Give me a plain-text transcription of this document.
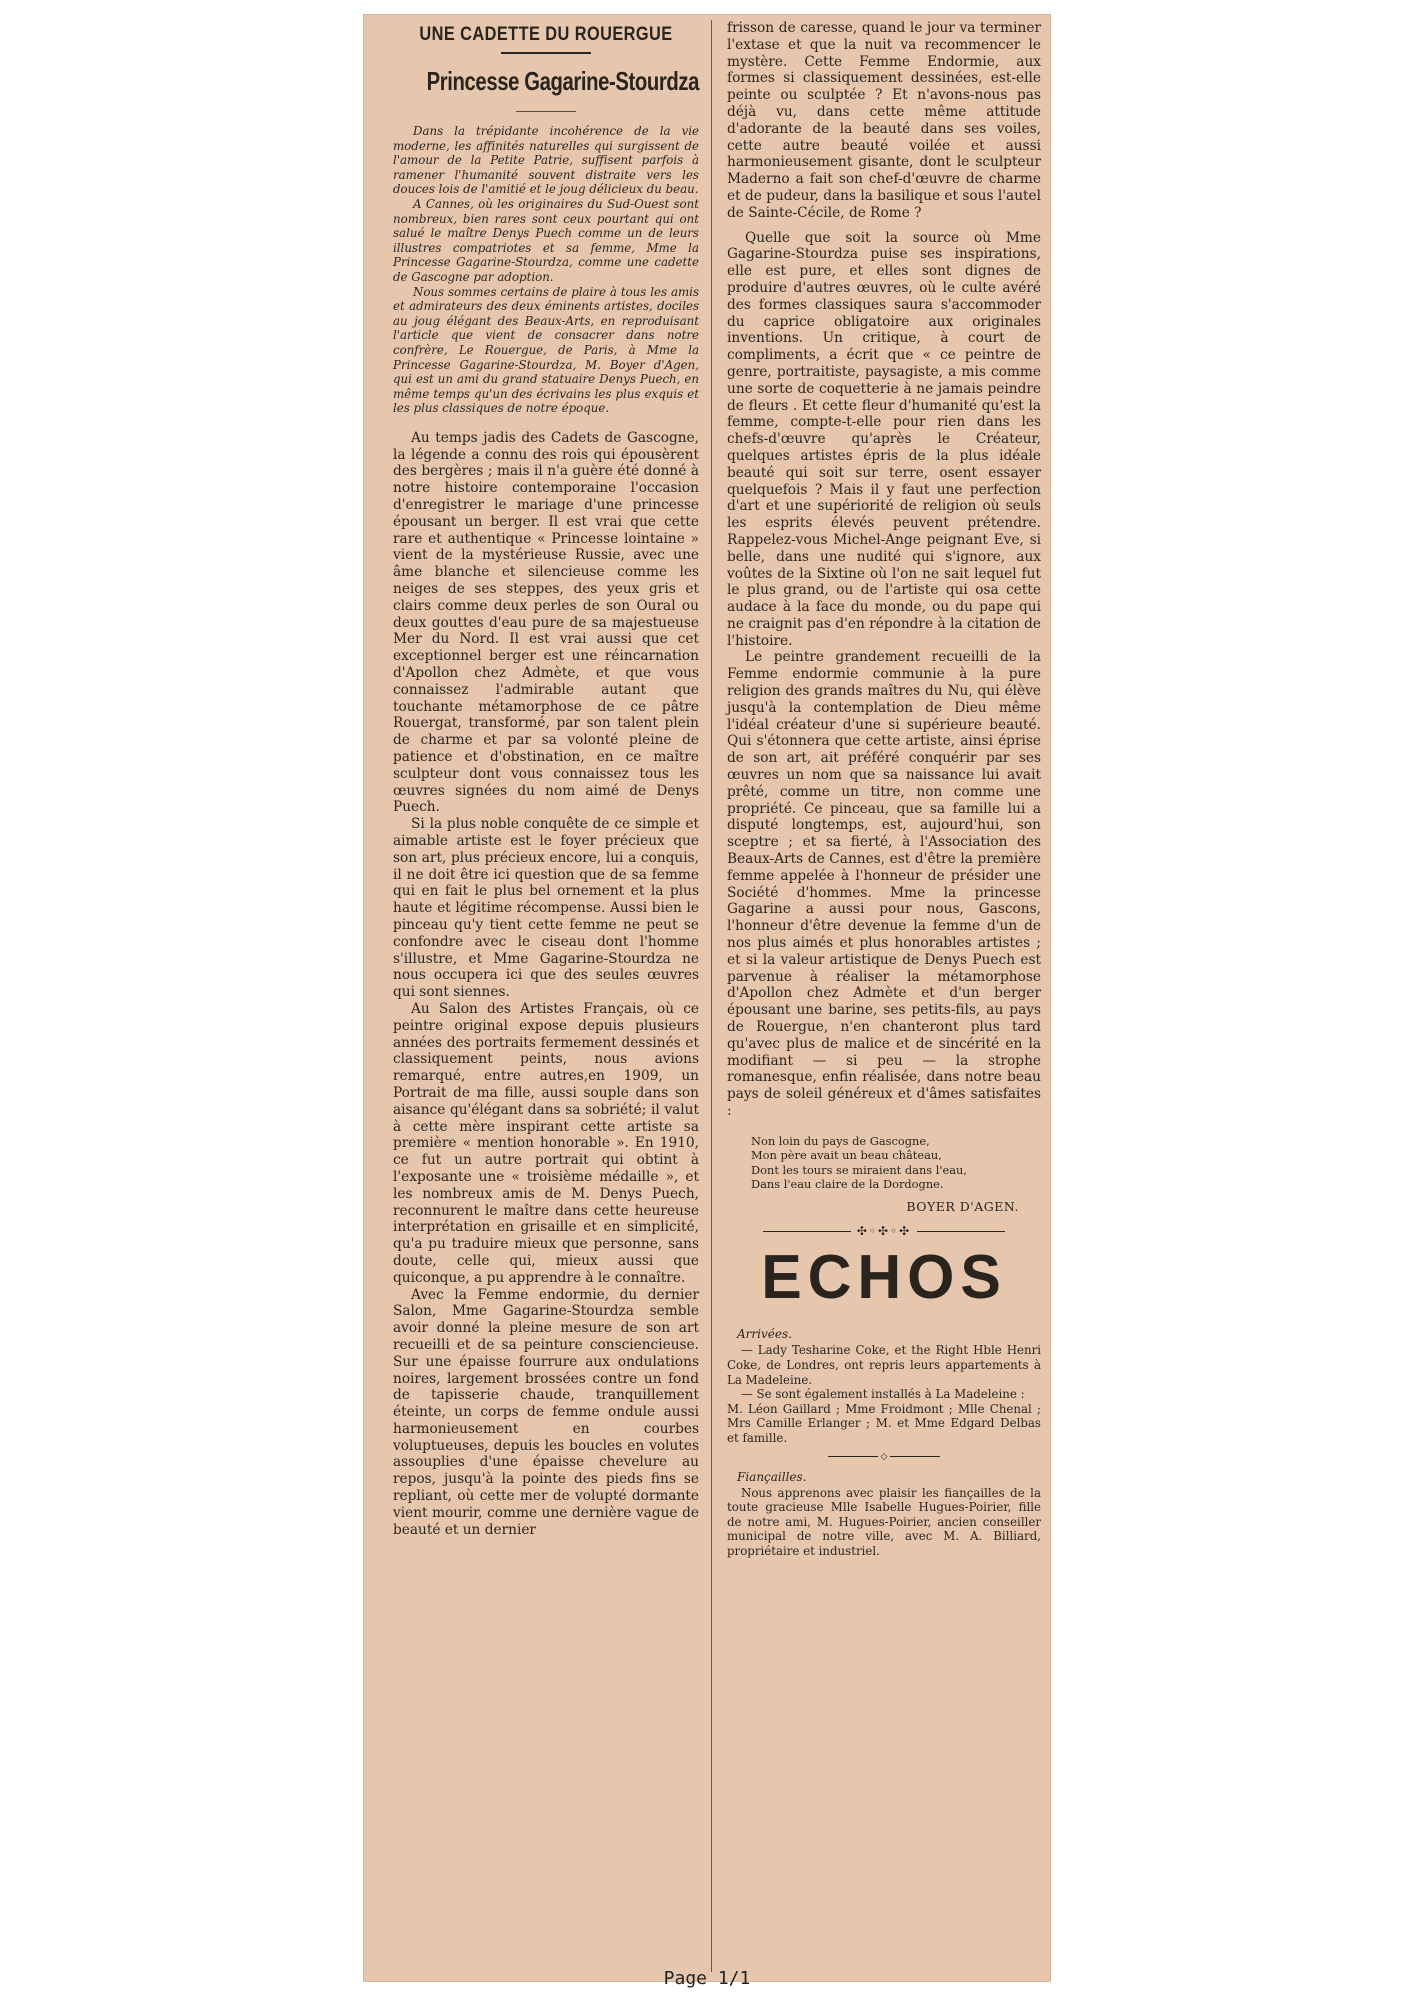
UNE CADETTE DU ROUERGUE
Princesse Gagarine-Stourdza

Dans la trépidante incohérence de la vie moderne, les affinités naturelles qui surgissent de l'amour de la Petite Patrie, suffisent parfois à ramener l'humanité souvent distraite vers les douces lois de l'amitié et le joug délicieux du beau.

A Cannes, où les originaires du Sud-Ouest sont nombreux, bien rares sont ceux pourtant qui ont salué le maître Denys Puech comme un de leurs illustres compatriotes et sa femme, Mme la Princesse Gagarine-Stourdza, comme une cadette de Gascogne par adoption.

Nous sommes certains de plaire à tous les amis et admirateurs des deux éminents artistes, dociles au joug élégant des Beaux-Arts, en reproduisant l'article que vient de consacrer dans notre confrère, Le Rouergue, de Paris, à Mme la Princesse Gagarine-Stourdza, M. Boyer d'Agen, qui est un ami du grand statuaire Denys Puech, en même temps qu'un des écrivains les plus exquis et les plus classiques de notre époque.

Au temps jadis des Cadets de Gascogne, la légende a connu des rois qui épousèrent des bergères ; mais il n'a guère été donné à notre histoire contemporaine l'occasion d'enregistrer le mariage d'une princesse épousant un berger. Il est vrai que cette rare et authentique « Princesse lointaine » vient de la mystérieuse Russie, avec une âme blanche et silencieuse comme les neiges de ses steppes, des yeux gris et clairs comme deux perles de son Oural ou deux gouttes d'eau pure de sa majestueuse Mer du Nord. Il est vrai aussi que cet exceptionnel berger est une réincarnation d'Apollon chez Admète, et que vous connaissez l'admirable autant que touchante métamorphose de ce pâtre Rouergat, transformé, par son talent plein de charme et par sa volonté pleine de patience et d'obstination, en ce maître sculpteur dont vous connaissez tous les œuvres signées du nom aimé de Denys Puech.

Si la plus noble conquête de ce simple et aimable artiste est le foyer précieux que son art, plus précieux encore, lui a conquis, il ne doit être ici question que de sa femme qui en fait le plus bel ornement et la plus haute et légitime récompense. Aussi bien le pinceau qu'y tient cette femme ne peut se confondre avec le ciseau dont l'homme s'illustre, et Mme Gagarine-Stourdza ne nous occupera ici que des seules œuvres qui sont siennes.

Au Salon des Artistes Français, où ce peintre original expose depuis plusieurs années des portraits fermement dessinés et classiquement peints, nous avions remarqué, entre autres,en 1909, un Portrait de ma fille, aussi souple dans son aisance qu'élégant dans sa sobriété; il valut à cette mère inspirant cette artiste sa première « mention honorable ». En 1910, ce fut un autre portrait qui obtint à l'exposante une « troisième médaille », et les nombreux amis de M. Denys Puech, reconnurent le maître dans cette heureuse interprétation en grisaille et en simplicité, qu'a pu traduire mieux que personne, sans doute, celle qui, mieux aussi que quiconque, a pu apprendre à le connaître.

Avec la Femme endormie, du dernier Salon, Mme Gagarine-Stourdza semble avoir donné la pleine mesure de son art recueilli et de sa peinture consciencieuse. Sur une épaisse fourrure aux ondulations noires, largement brossées contre un fond de tapisserie chaude, tranquillement éteinte, un corps de femme ondule aussi harmonieusement en courbes voluptueuses, depuis les boucles en volutes assouplies d'une épaisse chevelure au repos, jusqu'à la pointe des pieds fins se repliant, où cette mer de volupté dormante vient mourir, comme une dernière vague de beauté et un dernier

frisson de caresse, quand le jour va terminer l'extase et que la nuit va recommencer le mystère. Cette Femme Endormie, aux formes si classiquement dessinées, est-elle peinte ou sculptée ? Et n'avons-nous pas déjà vu, dans cette même attitude d'adorante de la beauté dans ses voiles, cette autre beauté voilée et aussi harmonieusement gisante, dont le sculpteur Maderno a fait son chef-d'œuvre de charme et de pudeur, dans la basilique et sous l'autel de Sainte-Cécile, de Rome ?

Quelle que soit la source où Mme Gagarine-Stourdza puise ses inspirations, elle est pure, et elles sont dignes de produire d'autres œuvres, où le culte avéré des formes classiques saura s'accommoder du caprice obligatoire aux originales inventions. Un critique, à court de compliments, a écrit que « ce peintre de genre, portraitiste, paysagiste, a mis comme une sorte de coquetterie à ne jamais peindre de fleurs . Et cette fleur d'humanité qu'est la femme, compte-t-elle pour rien dans les chefs-d'œuvre qu'après le Créateur, quelques artistes épris de la plus idéale beauté qui soit sur terre, osent essayer quelquefois ? Mais il y faut une perfection d'art et une supériorité de religion où seuls les esprits élevés peuvent prétendre. Rappelez-vous Michel-Ange peignant Eve, si belle, dans une nudité qui s'ignore, aux voûtes de la Sixtine où l'on ne sait lequel fut le plus grand, ou de l'artiste qui osa cette audace à la face du monde, ou du pape qui ne craignit pas d'en répondre à la citation de l'histoire.

Le peintre grandement recueilli de la Femme endormie communie à la pure religion des grands maîtres du Nu, qui élève jusqu'à la contemplation de Dieu même l'idéal créateur d'une si supérieure beauté. Qui s'étonnera que cette artiste, ainsi éprise de son art, ait préféré conquérir par ses œuvres un nom que sa naissance lui avait prêté, comme un titre, non comme une propriété. Ce pinceau, que sa famille lui a disputé longtemps, est, aujourd'hui, son sceptre ; et sa fierté, à l'Association des Beaux-Arts de Cannes, est d'être la première femme appelée à l'honneur de présider une Société d'hommes. Mme la princesse Gagarine a aussi pour nous, Gascons, l'honneur d'être devenue la femme d'un de nos plus aimés et plus honorables artistes ; et si la valeur artistique de Denys Puech est parvenue à réaliser la métamorphose d'Apollon chez Admète et d'un berger épousant une barine, ses petits-fils, au pays de Rouergue, n'en chanteront plus tard qu'avec plus de malice et de sincérité en la modifiant — si peu — la strophe romanesque, enfin réalisée, dans notre beau pays de soleil généreux et d'âmes satisfaites :

Non loin du pays de Gascogne,
Mon père avait un beau château,
Dont les tours se miraient dans l'eau,
Dans l'eau claire de la Dordogne.
BOYER D'AGEN.
✣◦✣◦✣
ECHOS
Arrivées.

— Lady Tesharine Coke, et the Right Hble Henri Coke, de Londres, ont repris leurs appartements à La Madeleine.

— Se sont également installés à La Madeleine :

M. Léon Gaillard ; Mme Froidmont ; Mlle Chenal ; Mrs Camille Erlanger ; M. et Mme Edgard Delbas et famille.

◇
Fiançailles.

Nous apprenons avec plaisir les fiançailles de la toute gracieuse Mlle Isabelle Hugues-Poirier, fille de notre ami, M. Hugues-Poirier, ancien conseiller municipal de notre ville, avec M. A. Billiard, propriétaire et industriel.

Page 1/1
